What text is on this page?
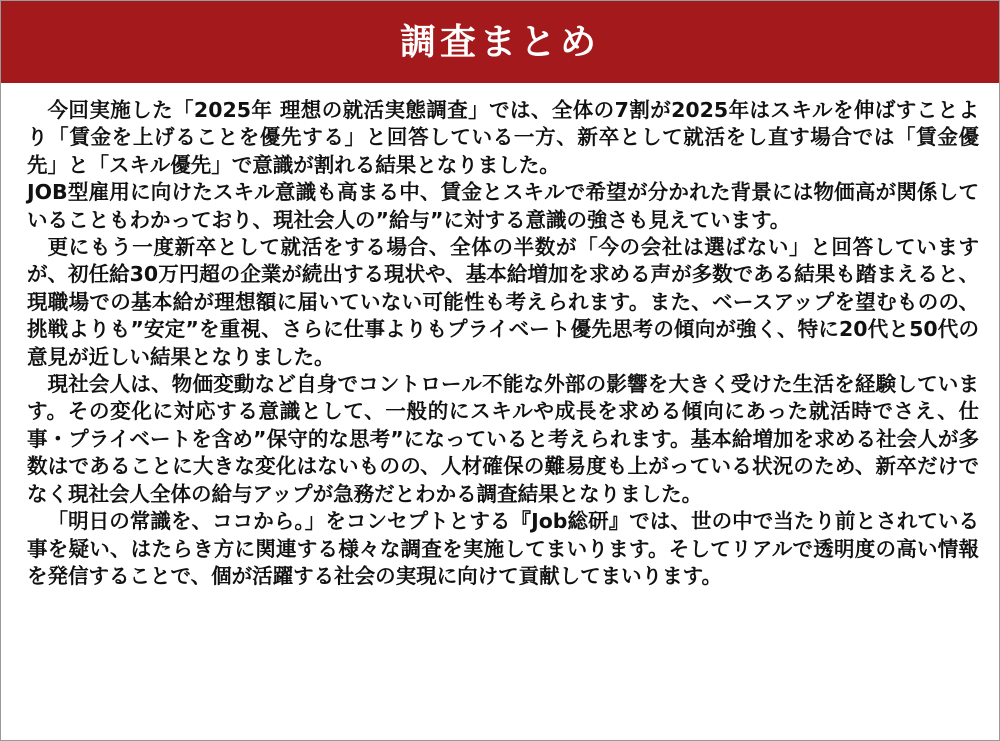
調査まとめ

今回実施した「2025年 理想の就活実態調査」では、全体の7割が2025年はスキルを伸ばすことより「賃金を上げることを優先する」と回答している一方、新卒として就活をし直す場合では「賃金優先」と「スキル優先」で意識が割れる結果となりました。

JOB型雇用に向けたスキル意識も高まる中、賃金とスキルで希望が分かれた背景には物価高が関係していることもわかっており、現社会人の”給与”に対する意識の強さも見えています。

更にもう一度新卒として就活をする場合、全体の半数が「今の会社は選ばない」と回答していますが、初任給30万円超の企業が続出する現状や、基本給増加を求める声が多数である結果も踏まえると、現職場での基本給が理想額に届いていない可能性も考えられます。また、ベースアップを望むものの、挑戦よりも”安定”を重視、さらに仕事よりもプライベート優先思考の傾向が強く、特に20代と50代の意見が近しい結果となりました。

現社会人は、物価変動など自身でコントロール不能な外部の影響を大きく受けた生活を経験しています。その変化に対応する意識として、一般的にスキルや成長を求める傾向にあった就活時でさえ、仕事・プライベートを含め”保守的な思考”になっていると考えられます。基本給増加を求める社会人が多数はであることに大きな変化はないものの、人材確保の難易度も上がっている状況のため、新卒だけでなく現社会人全体の給与アップが急務だとわかる調査結果となりました。

「明日の常識を、ココから。」をコンセプトとする『Job総研』では、世の中で当たり前とされている事を疑い、はたらき方に関連する様々な調査を実施してまいります。そしてリアルで透明度の高い情報を発信することで、個が活躍する社会の実現に向けて貢献してまいります。
